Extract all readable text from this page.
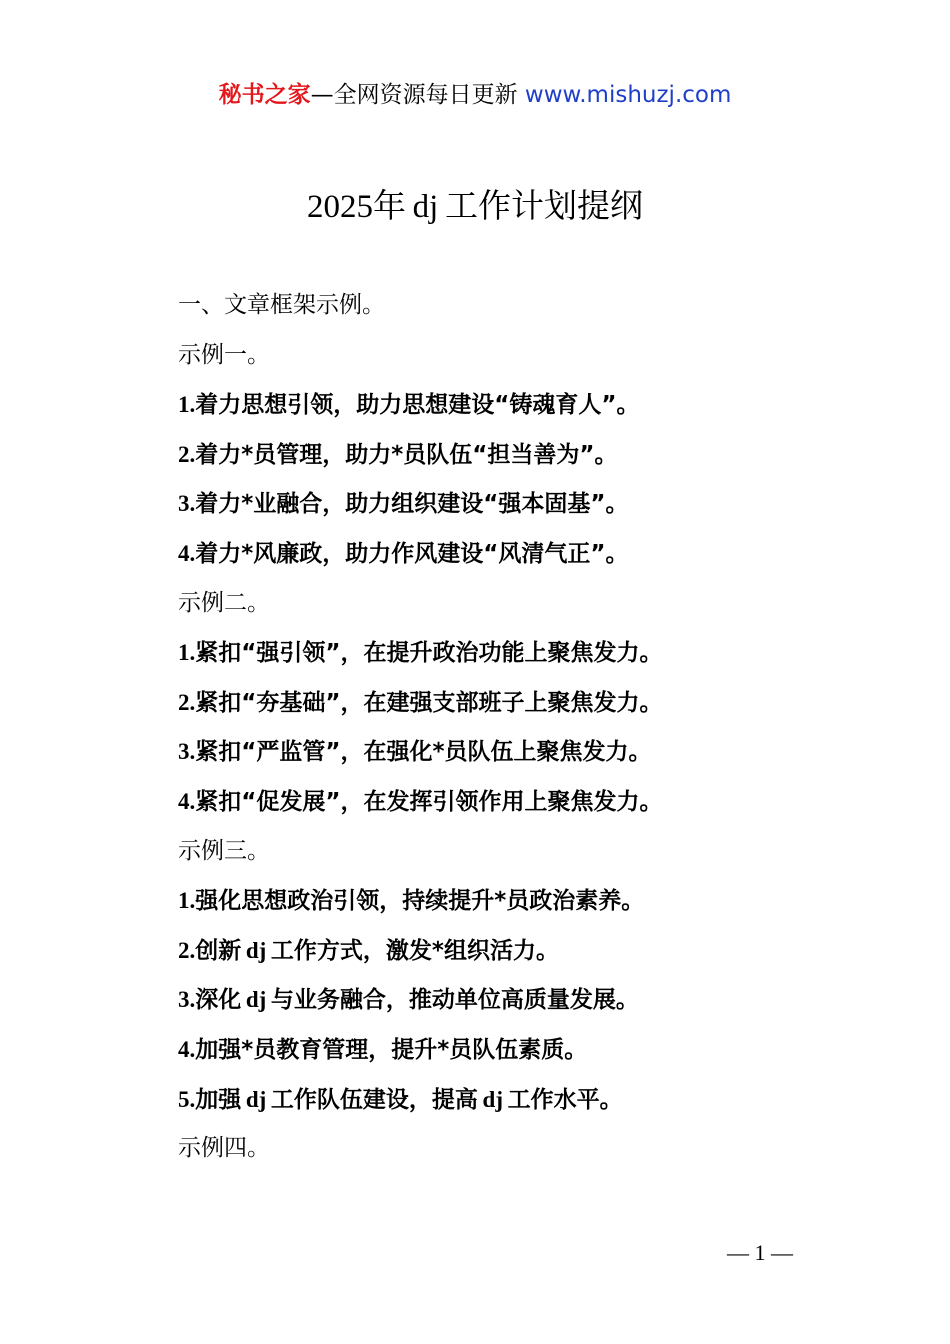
秘书之家—全网资源每日更新 www.mishuzj.com
2025年 dj 工作计划提纲
一、文章框架示例。
示例一。
1.着力思想引领，助力思想建设“铸魂育人”。
2.着力*员管理，助力*员队伍“担当善为”。
3.着力*业融合，助力组织建设“强本固基”。
4.着力*风廉政，助力作风建设“风清气正”。
示例二。
1.紧扣“强引领”，在提升政治功能上聚焦发力。
2.紧扣“夯基础”，在建强支部班子上聚焦发力。
3.紧扣“严监管”，在强化*员队伍上聚焦发力。
4.紧扣“促发展”，在发挥引领作用上聚焦发力。
示例三。
1.强化思想政治引领，持续提升*员政治素养。
2.创新 dj 工作方式，激发*组织活力。
3.深化 dj 与业务融合，推动单位高质量发展。
4.加强*员教育管理，提升*员队伍素质。
5.加强 dj 工作队伍建设，提高 dj 工作水平。
示例四。
— 1 —
